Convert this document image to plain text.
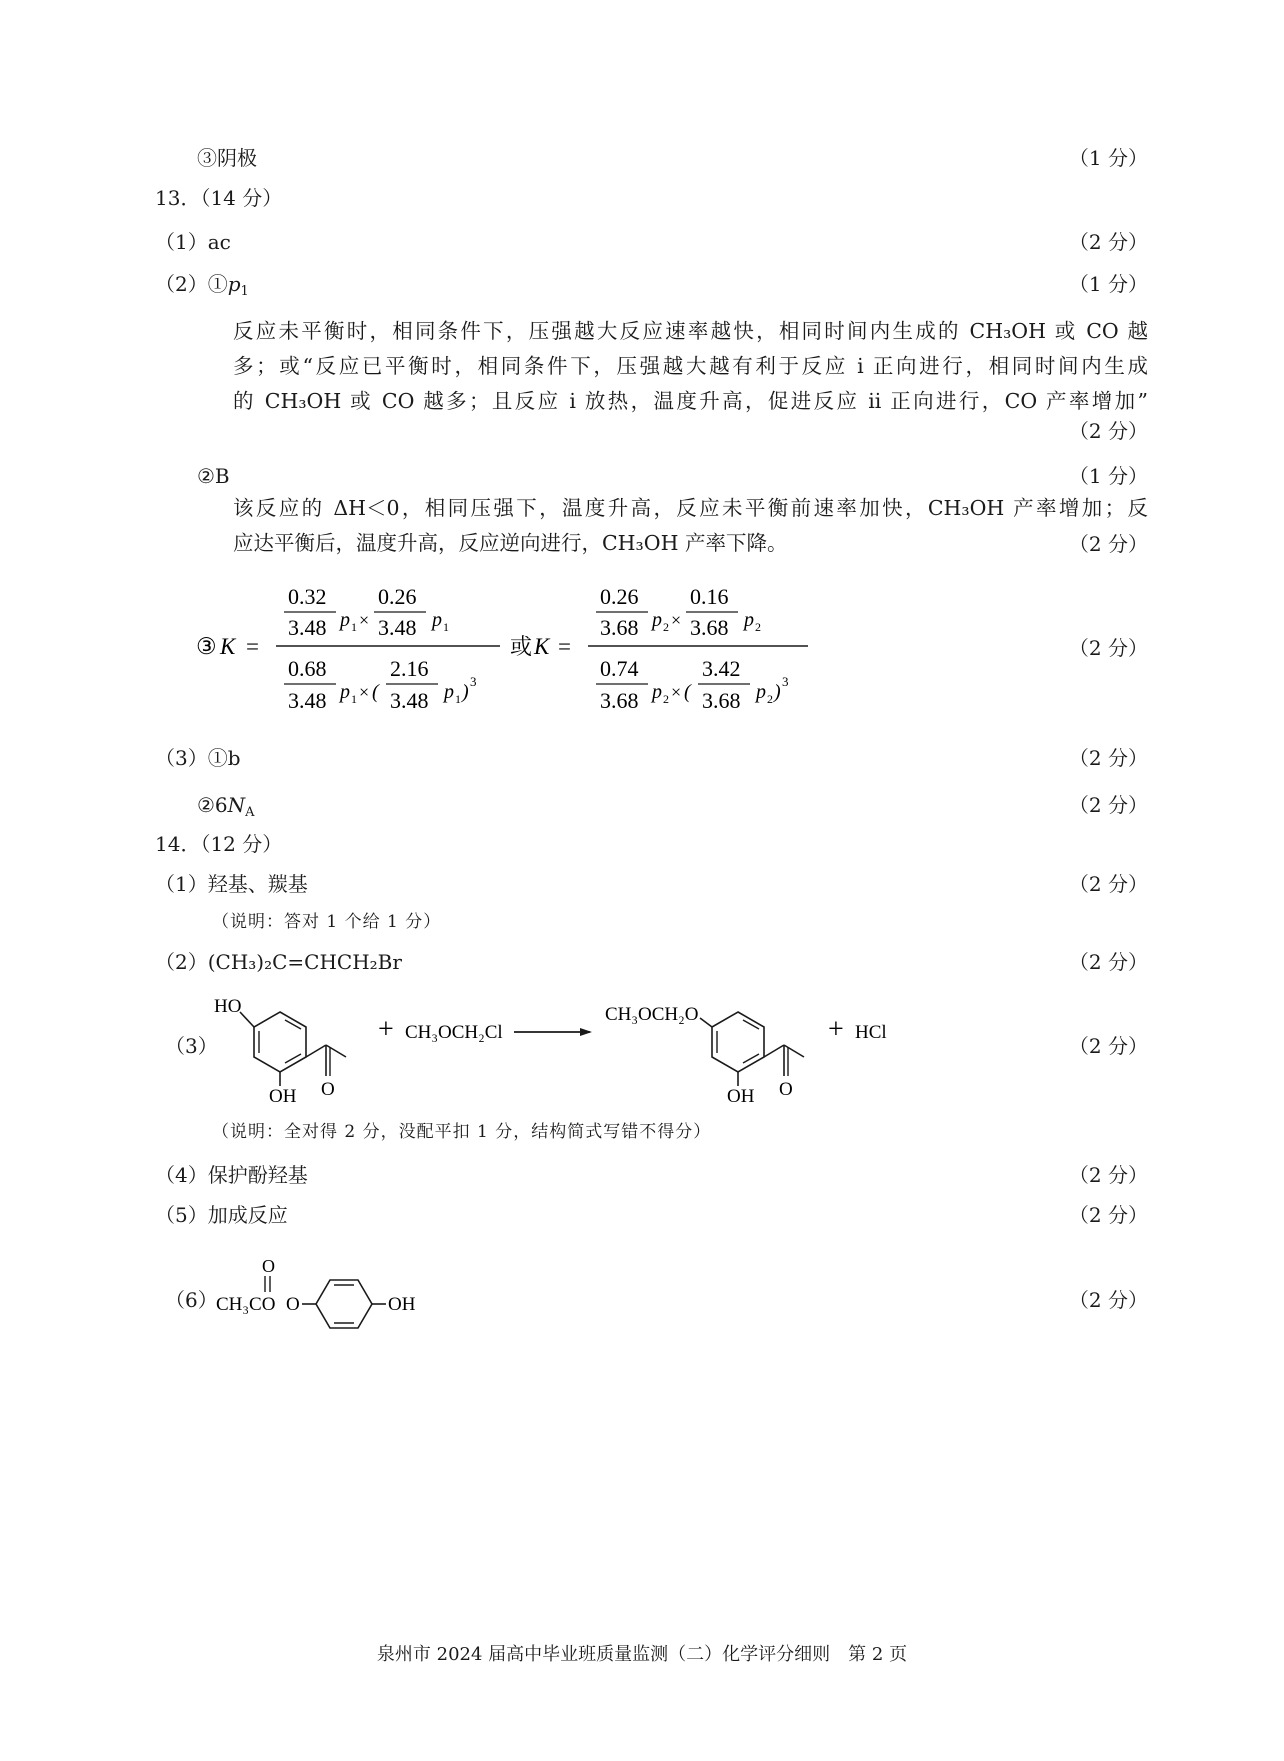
③阴极	（1 分）
13．（14 分）
（1）ac	（2 分）
$(2)①p_1$	（1 分）
反应未平衡时，相同条件下，压强越大反应速率越快，相同时间内生成的 CH₃OH 或 CO 越
多；或“反应已平衡时，相同条件下，压强越大越有利于反应 i 正向进行，相同时间内生成
的 CH₃OH 或 CO 越多；且反应 i 放热，温度升高，促进反应 ii 正向进行，CO 产率增加”
（2 分）
②B	（1 分）
该反应的 ΔH＜0，相同压强下，温度升高，反应未平衡前速率加快，CH₃OH 产率增加；反
应达平衡后，温度升高，反应逆向进行，CH₃OH 产率下降。	（2 分）
③ K =
0.32
3.48 p 1 ×
0.26
3.48 p 1
0.68
3.48 p 1 × (
2.16
3.48 p 1 ) 3
或 K =
0.26
3.68 p 2 ×
0.16
3.68 p 2
0.74
3.68 p 2 × (
3.42
3.68 p 2 ) 3
（2 分）
（3）①b	（2 分）
$②6N_A$	（2 分）
14．（12 分）
（1）羟基、羰基	（2 分）
（说明：答对 1 个给 1 分）
（2）(CH₃)₂C=CHCH₂Br	（2 分）
（3）
HO
OH O
+ CH₃OCH₂Cl
CH₃OCH₂O
OH O
+ HCl
（2 分）
（说明：全对得 2 分，没配平扣 1 分，结构简式写错不得分）
（4）保护酚羟基	（2 分）
（5）加成反应	（2 分）
（6）
O
CH₃CO O	OH	（2 分）
泉州市 2024 届高中毕业班质量监测（二）化学评分细则　第 2 页
